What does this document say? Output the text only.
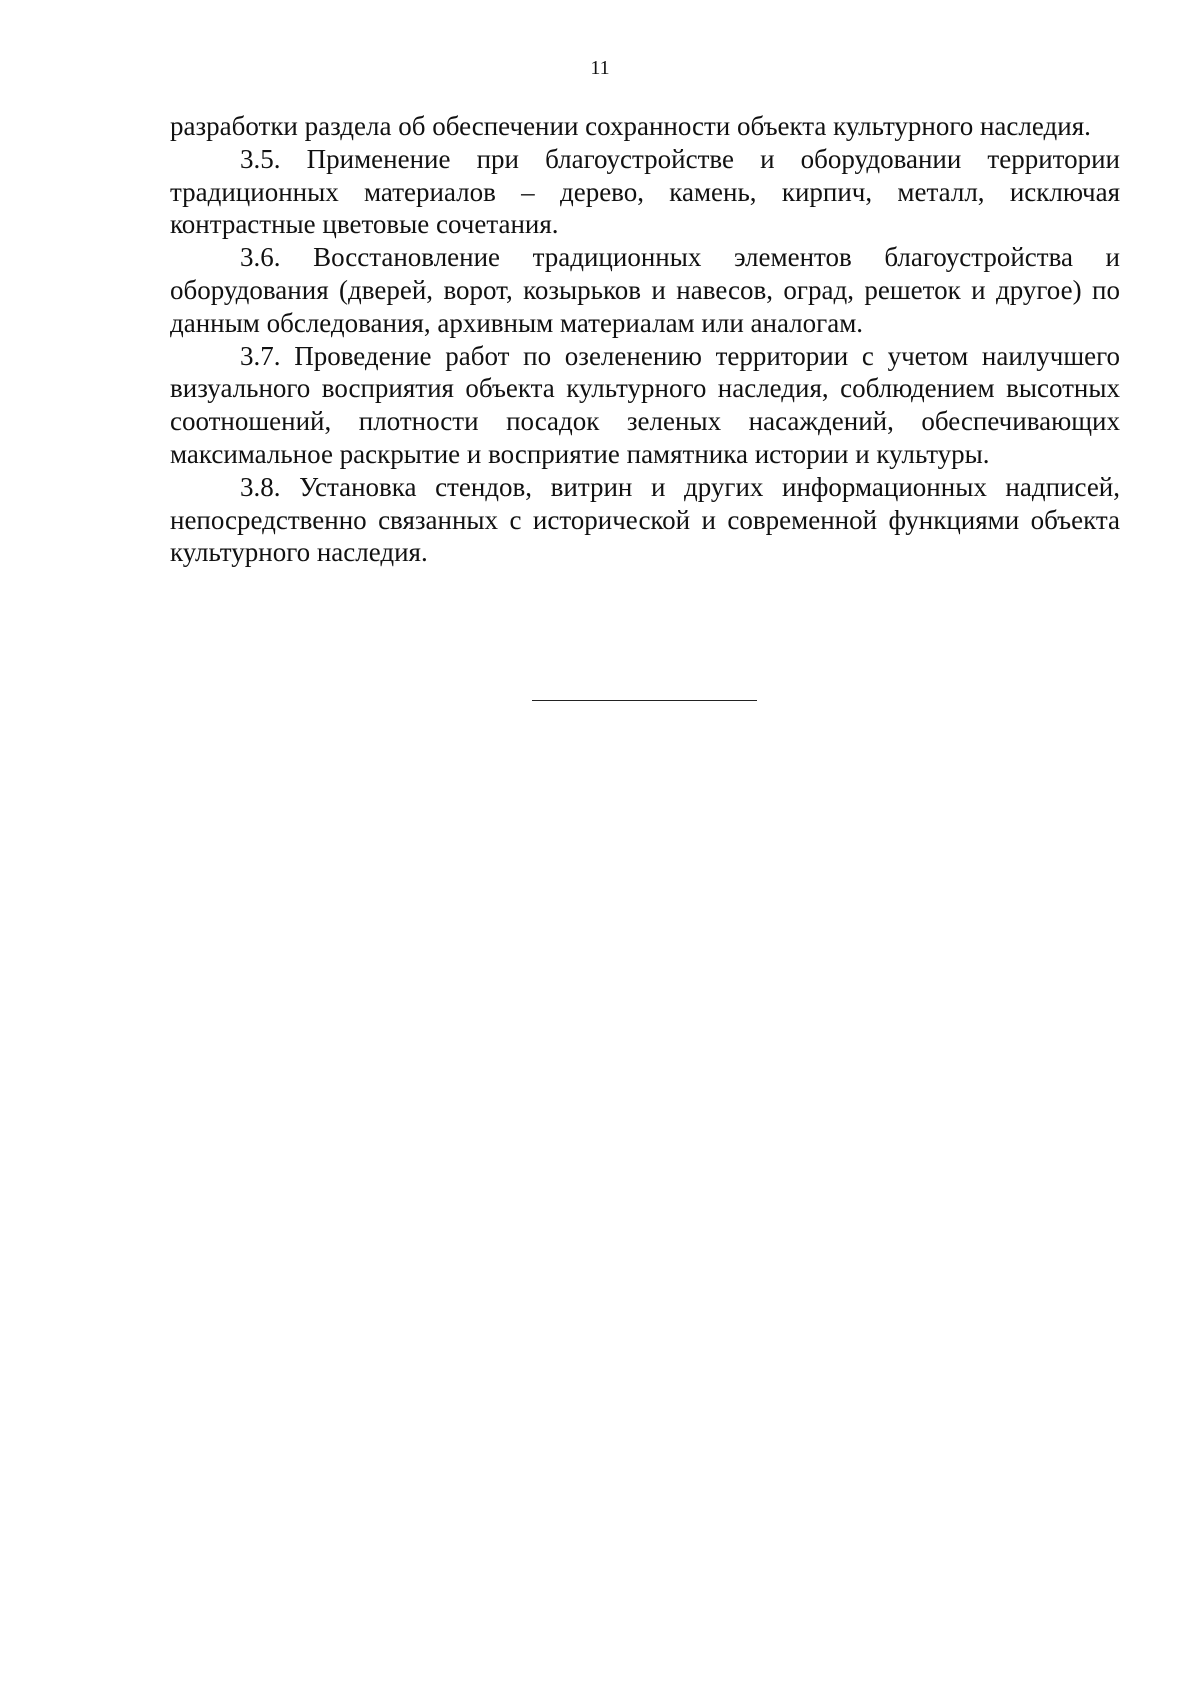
11

разработки раздела об обеспечении сохранности объекта культурного наследия.

3.5. Применение при благоустройстве и оборудовании территории традиционных материалов – дерево, камень, кирпич, металл, исключая контрастные цветовые сочетания.

3.6. Восстановление традиционных элементов благоустройства и оборудования (дверей, ворот, козырьков и навесов, оград, решеток и другое) по данным обследования, архивным материалам или аналогам.

3.7. Проведение работ по озеленению территории с учетом наилучшего визуального восприятия объекта культурного наследия, соблюдением высотных соотношений, плотности посадок зеленых насаждений, обеспечивающих максимальное раскрытие и восприятие памятника истории и культуры.

3.8. Установка стендов, витрин и других информационных надписей, непосредственно связанных с исторической и современной функциями объекта культурного наследия.
